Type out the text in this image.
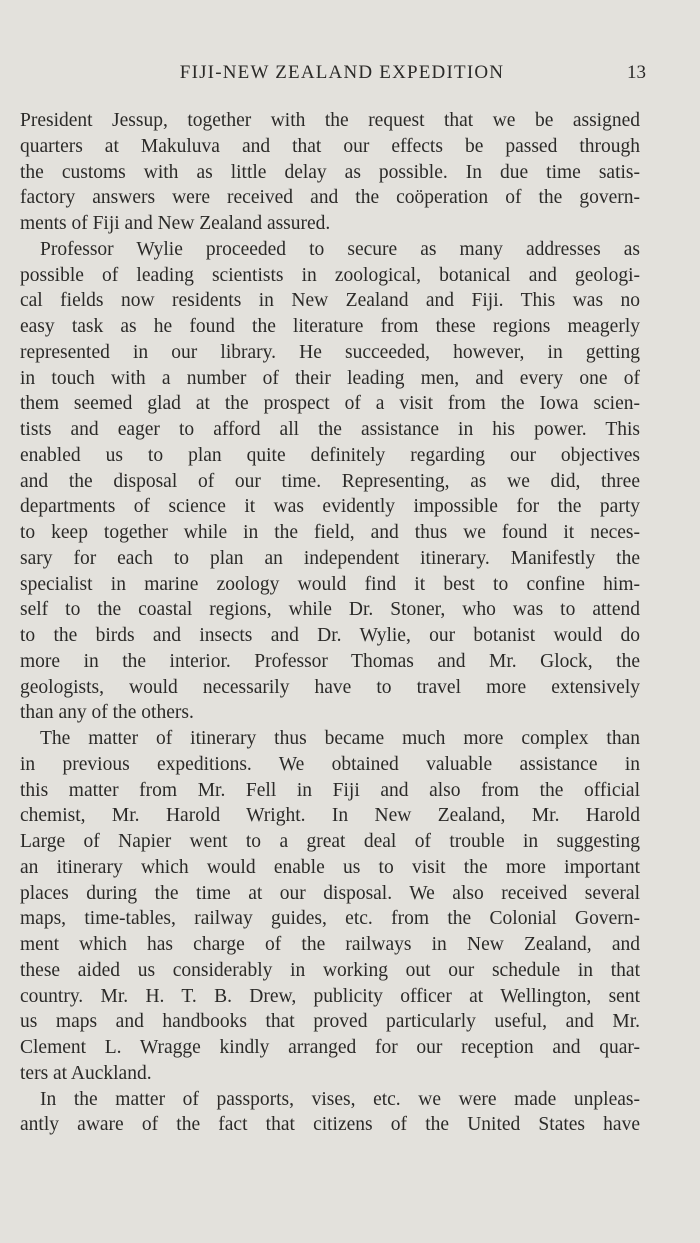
FIJI-NEW ZEALAND EXPEDITION	13
President Jessup, together with the request that we be assigned
quarters at Makuluva and that our effects be passed through
the customs with as little delay as possible. In due time satis-
factory answers were received and the coöperation of the govern-
ments of Fiji and New Zealand assured.
Professor Wylie proceeded to secure as many addresses as
possible of leading scientists in zoological, botanical and geologi-
cal fields now residents in New Zealand and Fiji. This was no
easy task as he found the literature from these regions meagerly
represented in our library. He succeeded, however, in getting
in touch with a number of their leading men, and every one of
them seemed glad at the prospect of a visit from the Iowa scien-
tists and eager to afford all the assistance in his power. This
enabled us to plan quite definitely regarding our objectives
and the disposal of our time. Representing, as we did, three
departments of science it was evidently impossible for the party
to keep together while in the field, and thus we found it neces-
sary for each to plan an independent itinerary. Manifestly the
specialist in marine zoology would find it best to confine him-
self to the coastal regions, while Dr. Stoner, who was to attend
to the birds and insects and Dr. Wylie, our botanist would do
more in the interior. Professor Thomas and Mr. Glock, the
geologists, would necessarily have to travel more extensively
than any of the others.
The matter of itinerary thus became much more complex than
in previous expeditions. We obtained valuable assistance in
this matter from Mr. Fell in Fiji and also from the official
chemist, Mr. Harold Wright. In New Zealand, Mr. Harold
Large of Napier went to a great deal of trouble in suggesting
an itinerary which would enable us to visit the more important
places during the time at our disposal. We also received several
maps, time-tables, railway guides, etc. from the Colonial Govern-
ment which has charge of the railways in New Zealand, and
these aided us considerably in working out our schedule in that
country. Mr. H. T. B. Drew, publicity officer at Wellington, sent
us maps and handbooks that proved particularly useful, and Mr.
Clement L. Wragge kindly arranged for our reception and quar-
ters at Auckland.
In the matter of passports, vises, etc. we were made unpleas-
antly aware of the fact that citizens of the United States have
